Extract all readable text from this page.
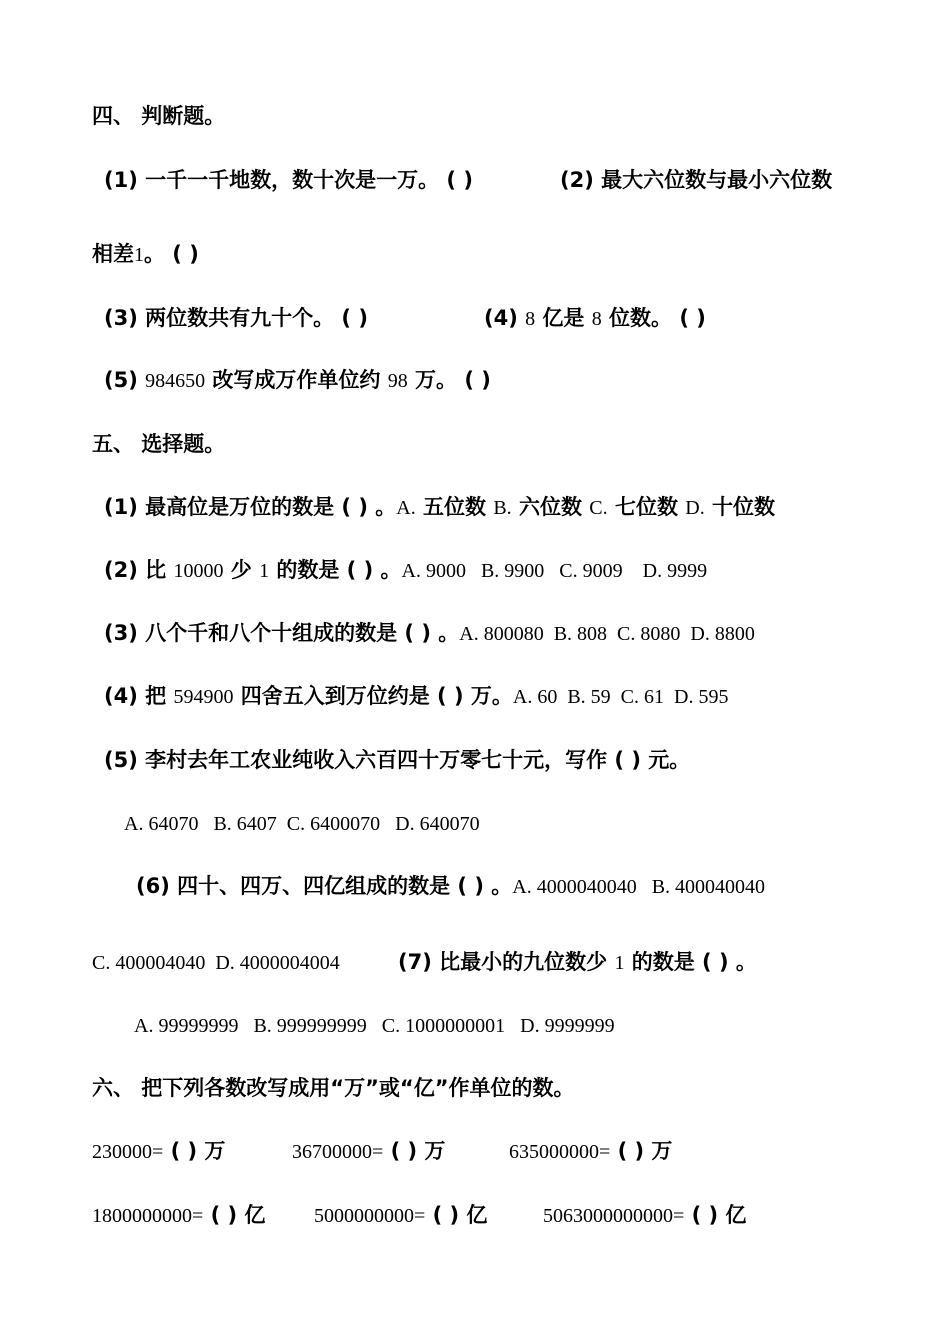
四、 判断题。
(1) 一千一千地数，数十次是一万。 ( )	(2) 最大六位数与最小六位数
相差1。 ( )
(3) 两位数共有九十个。 ( )	(4) 8 亿是 8 位数。 ( )
(5) 984650 改写成万作单位约 98 万。 ( )
五、 选择题。
(1) 最高位是万位的数是 ( ) 。A. 五位数 B. 六位数 C. 七位数 D. 十位数
(2) 比 10000 少 1 的数是 ( ) 。A. 9000   B. 9900   C. 9009    D. 9999
(3) 八个千和八个十组成的数是 ( ) 。A. 800080  B. 808  C. 8080  D. 8800
(4) 把 594900 四舍五入到万位约是 ( ) 万。A. 60  B. 59  C. 61  D. 595
(5) 李村去年工农业纯收入六百四十万零七十元，写作 ( ) 元。
A. 64070   B. 6407  C. 6400070   D. 640070
(6) 四十、四万、四亿组成的数是 ( ) 。A. 4000040040   B. 400040040
C. 400004040  D. 4000004004	(7) 比最小的九位数少 1 的数是 ( ) 。
A. 99999999   B. 999999999   C. 1000000001   D. 9999999
六、 把下列各数改写成用“万”或“亿”作单位的数。
230000= ( ) 万	36700000= ( ) 万	635000000= ( ) 万
1800000000= ( ) 亿 5000000000= ( ) 亿	5063000000000= ( ) 亿
